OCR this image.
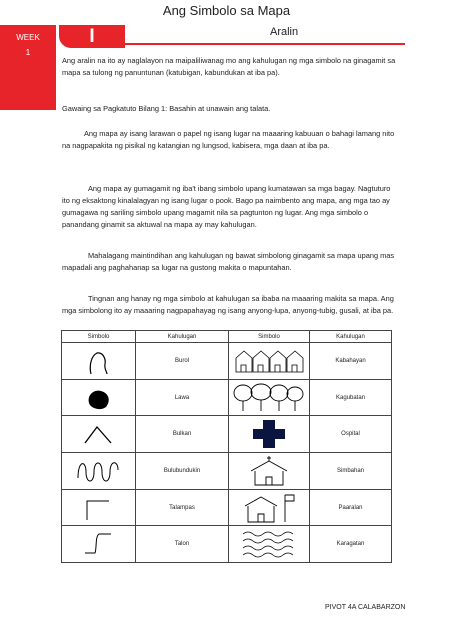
Ang Simbolo sa Mapa
WEEK
1
I	Aralin
Ang aralin na ito ay naglalayon na maipaliliwanag mo ang kahulugan ng mga simbolo na ginagamit sa mapa sa tulong ng panuntunan (katubigan, kabundukan at iba pa).
Gawaing sa Pagkatuto Bilang 1: Basahin at unawain ang talata.
Ang mapa ay isang larawan o papel ng isang lugar na maaaring kabuuan o bahagi lamang nito na nagpapakita ng pisikal ng katangian ng lungsod, kabisera, mga daan at iba pa.
Ang mapa ay gumagamit ng iba't ibang simbolo upang kumatawan sa mga bagay. Nagtuturo ito ng eksaktong kinalalagyan ng isang lugar o pook. Bago pa naimbento ang mapa, ang mga tao ay gumagawa ng sariling simbolo upang magamit nila sa pagtunton ng lugar. Ang mga simbolo o panandang ginamit sa aktuwal na mapa ay may kahulugan.
Mahalagang maintindihan ang kahulugan ng bawat simbolong ginagamit sa mapa upang mas mapadali ang paghahanap sa lugar na gustong makita o mapuntahan.
Tingnan ang hanay ng mga simbolo at kahulugan sa ibaba na maaaring makita sa mapa. Ang mga simbolong ito ay maaaring nagpapahayag ng isang anyong-lupa, anyong-tubig, gusali, at iba pa.
Simbolo	Kahulugan	Simbolo	Kahulugan

	Burol		Kabahayan

	Lawa		Kagubatan

	Bulkan		Ospital

	Bulubundukin		Simbahan

	Talampas		Paaralan

	Talon		Karagatan
PIVOT 4A CALABARZON
